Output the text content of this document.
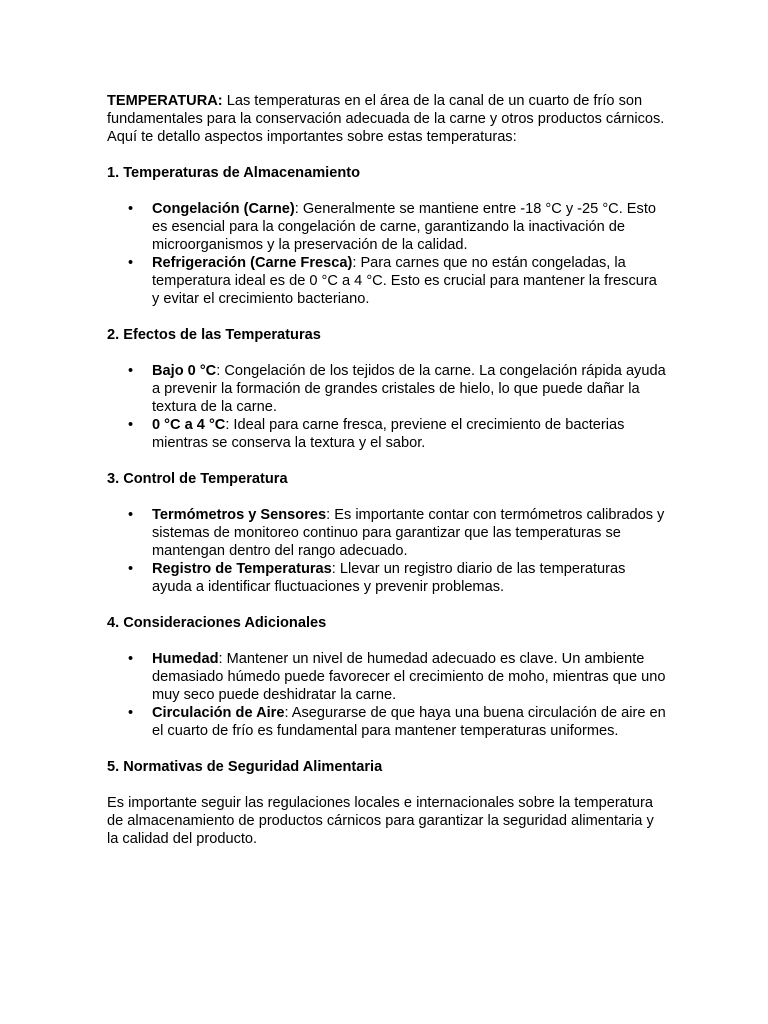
TEMPERATURA: Las temperaturas en el área de la canal de un cuarto de frío son fundamentales para la conservación adecuada de la carne y otros productos cárnicos. Aquí te detallo aspectos importantes sobre estas temperaturas:

1. Temperaturas de Almacenamiento
• Congelación (Carne): Generalmente se mantiene entre -18 °C y -25 °C. Esto es esencial para la congelación de carne, garantizando la inactivación de microorganismos y la preservación de la calidad.
• Refrigeración (Carne Fresca): Para carnes que no están congeladas, la temperatura ideal es de 0 °C a 4 °C. Esto es crucial para mantener la frescura y evitar el crecimiento bacteriano.
2. Efectos de las Temperaturas
• Bajo 0 °C: Congelación de los tejidos de la carne. La congelación rápida ayuda a prevenir la formación de grandes cristales de hielo, lo que puede dañar la textura de la carne.
• 0 °C a 4 °C: Ideal para carne fresca, previene el crecimiento de bacterias mientras se conserva la textura y el sabor.
3. Control de Temperatura
• Termómetros y Sensores: Es importante contar con termómetros calibrados y sistemas de monitoreo continuo para garantizar que las temperaturas se mantengan dentro del rango adecuado.
• Registro de Temperaturas: Llevar un registro diario de las temperaturas ayuda a identificar fluctuaciones y prevenir problemas.
4. Consideraciones Adicionales
• Humedad: Mantener un nivel de humedad adecuado es clave. Un ambiente demasiado húmedo puede favorecer el crecimiento de moho, mientras que uno muy seco puede deshidratar la carne.
• Circulación de Aire: Asegurarse de que haya una buena circulación de aire en el cuarto de frío es fundamental para mantener temperaturas uniformes.
5. Normativas de Seguridad Alimentaria

Es importante seguir las regulaciones locales e internacionales sobre la temperatura de almacenamiento de productos cárnicos para garantizar la seguridad alimentaria y la calidad del producto.
